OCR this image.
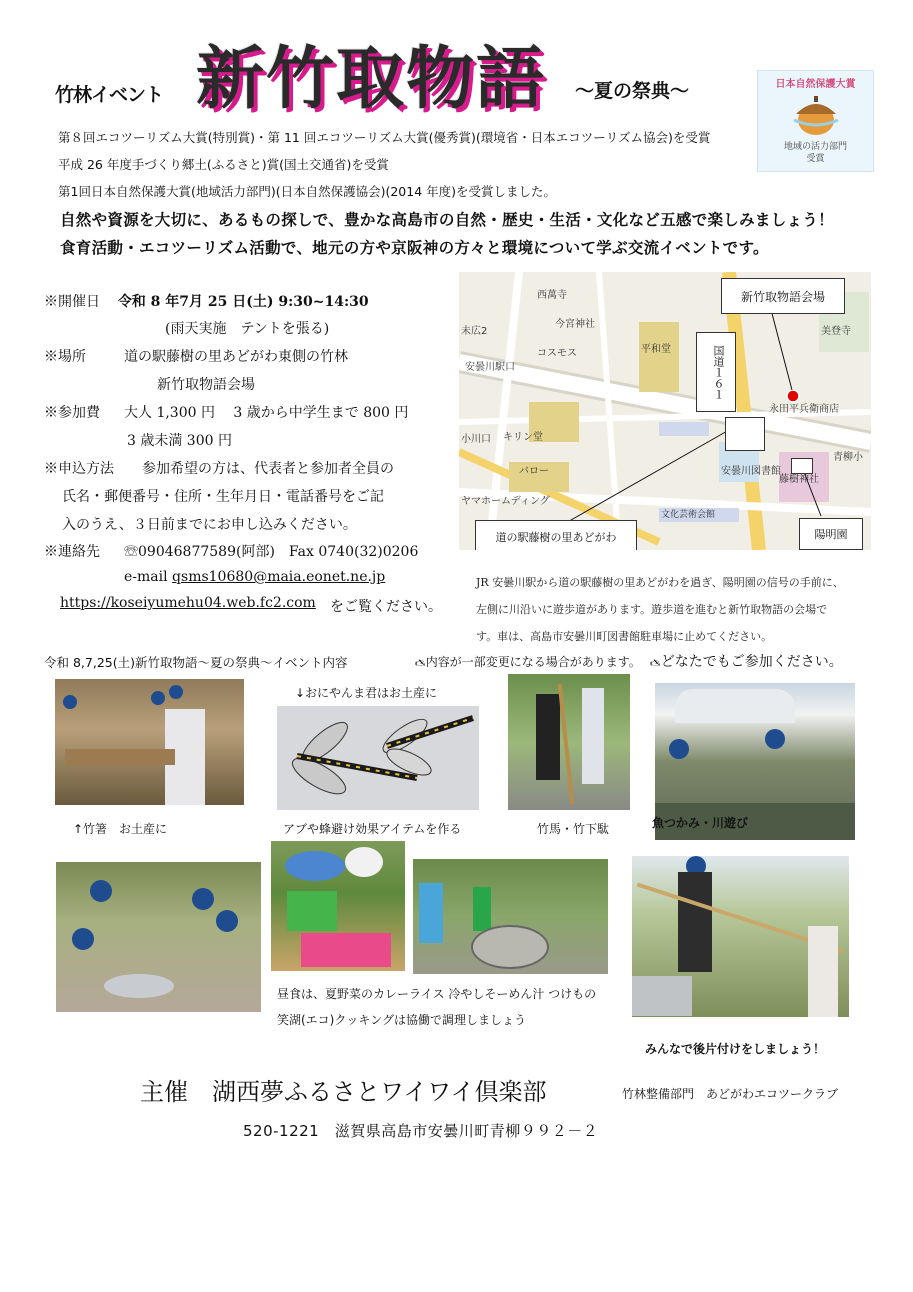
竹林イベント 新竹取物語 ～夏の祭典～	日本自然保護大賞
地域の活力部門
受賞
第８回エコツーリズム大賞(特別賞)・第 11 回エコツーリズム大賞(優秀賞)(環境省・日本エコツーリズム協会)を受賞
平成 26 年度手づくり郷土(ふるさと)賞(国土交通省)を受賞
第1回日本自然保護大賞(地域活力部門)(日本自然保護協会)(2014 年度)を受賞しました。
自然や資源を大切に、あるもの探しで、豊かな高島市の自然・歴史・生活・文化など五感で楽しみましょう！
食育活動・エコツーリズム活動で、地元の方や京阪神の方々と環境について学ぶ交流イベントです。
※開催日 令和 8 年7月 25 日(土) 9:30~14:30
(雨天実施　テントを張る)
※場所	道の駅藤樹の里あどがわ東側の竹林
新竹取物語会場
※参加費 大人 1,300 円　 3 歳から中学生まで 800 円
3 歳未満 300 円
※申込方法 参加希望の方は、代表者と参加者全員の
氏名・郵便番号・住所・生年月日・電話番号をご記
入のうえ、３日前までにお申し込みください。
※連絡先 ☏09046877589(阿部)　Fax 0740(32)0206
e-mail qsms10680@maia.eonet.ne.jp
https://koseiyumehu04.web.fc2.com をご覧ください。
西萬寺
今宮神社
安曇川駅口
コスモス	平和堂
キリン堂
バロー
ヤマホームディング
永田平兵衛商店
安曇川図書館
文化芸術会館
藤樹神社
青柳小
美登寺
未広2
小川口
新竹取物語会場
国道１６１
道の駅藤樹の里あどがわ	陽明園

JR 安曇川駅から道の駅藤樹の里あどがわを過ぎ、陽明園の信号の手前に、

左側に川沿いに遊歩道があります。遊歩道を進むと新竹取物語の会場で

す。車は、高島市安曇川町図書館駐車場に止めてください。

令和 8,7,25(土)新竹取物語～夏の祭典～イベント内容	🖎内容が一部変更になる場合があります。 🖎どなたでもご参加ください。
↑竹箸　お土産に
↓おにやんま君はお土産に
アブや蜂避け効果アイテムを作る	竹馬・竹下駄	魚つかみ・川遊び
昼食は、夏野菜のカレーライス 冷やしそーめん汁 つけもの
笑湖(エコ)クッキングは協働で調理しましょう
みんなで後片付けをしましょう！
主催　湖西夢ふるさとワイワイ倶楽部	竹林整備部門　あどがわエコツークラブ
520-1221　滋賀県高島市安曇川町青柳９９２－２
